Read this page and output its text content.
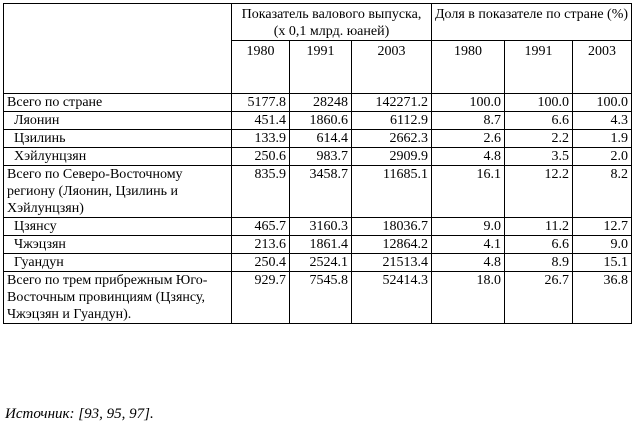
	Показатель валового выпуска, (х 0,1 млрд. юаней)			Доля в показателе по стране (%)		
	1980	1991	2003	1980	1991	2003
Всего по стране	5177.8	28248	142271.2	100.0	100.0	100.0
Ляонин	451.4	1860.6	6112.9	8.7	6.6	4.3
Цзилинь	133.9	614.4	2662.3	2.6	2.2	1.9
Хэйлунцзян	250.6	983.7	2909.9	4.8	3.5	2.0
Всего по Северо-Восточному региону (Ляонин, Цзилинь и Хэйлунцзян)	835.9	3458.7	11685.1	16.1	12.2	8.2
Цзянсу	465.7	3160.3	18036.7	9.0	11.2	12.7
Чжэцзян	213.6	1861.4	12864.2	4.1	6.6	9.0
Гуандун	250.4	2524.1	21513.4	4.8	8.9	15.1
Всего по трем прибрежным Юго-Восточным провинциям (Цзянсу, Чжэцзян и Гуандун).	929.7	7545.8	52414.3	18.0	26.7	36.8
Источник: [93, 95, 97].
